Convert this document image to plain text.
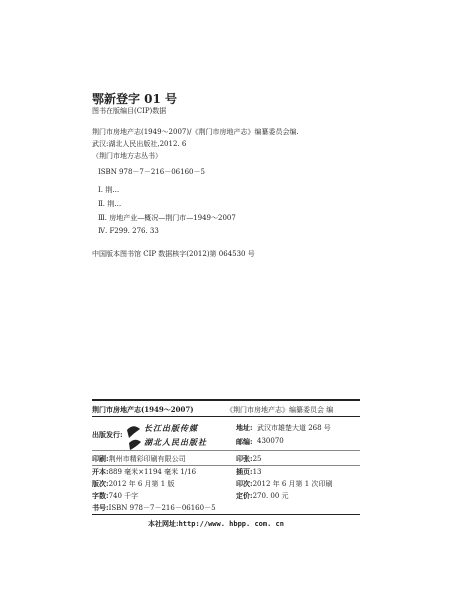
鄂新登字 01 号
图书在版编目(CIP)数据
荆门市房地产志(1949～2007)/《荆门市房地产志》编纂委员会编.
武汉:湖北人民出版社,2012. 6
（荆门市地方志丛书）
ISBN 978－7－216－06160－5
Ⅰ. 荆…
Ⅱ. 荆…
Ⅲ. 房地产业—概况—荆门市—1949～2007
Ⅳ. F299. 276. 33
中国版本图书馆 CIP 数据核字(2012)第 064530 号
荆门市房地产志(1949～2007)	《荆门市房地产志》编纂委员会 编
出版发行:
长江出版传媒
湖北人民出版社
地址: 武汉市雄楚大道 268 号
邮编: 430070
印刷:荆州市精彩印刷有限公司
开本:889 毫米×1194 毫米 1/16
版次:2012 年 6 月第 1 版
字数:740 千字
书号:ISBN 978－7－216－06160－5
印张:25
插页:13
印次:2012 年 6 月第 1 次印刷
定价:270. 00 元
本社网址:http://www. hbpp. com. cn
